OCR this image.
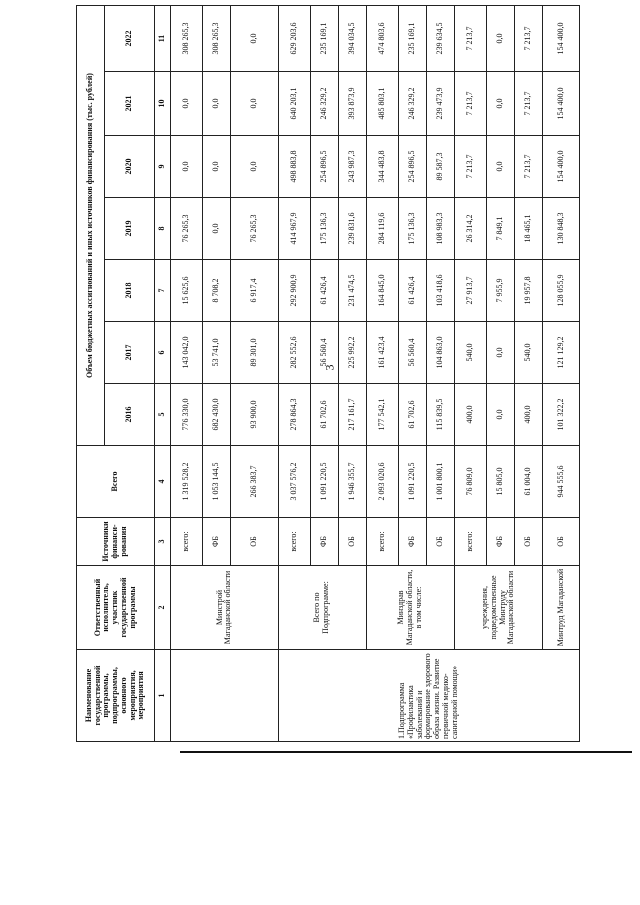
3
Наименование государственной программы, подпрограммы, основного мероприятия, мероприятия	Ответственный исполнитель, участник государственной программы	Источники финанси-рования	Всего	Объем бюджетных ассигнований и иных источников финансирования (тыс. рублей)						
				2016	2017	2018	2019	2020	2021	2022
1	2	3	4	5	6	7	8	9	10	11
	Минстрой Магаданской области	всего:	1 319 528,2	776 330,0	143 042,0	15 625,6	76 265,3	0,0	0,0	308 265,3
		ФБ	1 053 144,5	682 430,0	53 741,0	8 708,2	0,0	0,0	0,0	308 265,3
		ОБ	266 383,7	93 900,0	89 301,0	6 917,4	76 265,3	0,0	0,0	0,0
1.Подпрограмма «Профилактика заболеваний и формирование здорового образа жизни. Развитие первичной медико-санитарной помощи»	Всего по Подпрограмме:	всего:	3 037 576,2	278 864,3	282 552,6	292 900,9	414 967,9	498 883,8	640 203,1	629 203,6
		ФБ	1 091 220,5	61 702,6	56 560,4	61 426,4	175 136,3	254 896,5	246 329,2	235 169,1
		ОБ	1 946 355,7	217 161,7	225 992,2	231 474,5	239 831,6	243 987,3	393 873,9	394 034,5
	Минздрав Магаданской области, в том числе:	всего:	2 093 020,6	177 542,1	161 423,4	164 845,0	284 119,6	344 483,8	485 803,1	474 803,6
		ФБ	1 091 220,5	61 702,6	56 560,4	61 426,4	175 136,3	254 896,5	246 329,2	235 169,1
		ОБ	1 001 800,1	115 839,5	104 863,0	103 418,6	108 983,3	89 587,3	239 473,9	239 634,5
	учреждения, подведомственные Минтруду Магаданской области	всего:	76 809,0	400,0	540,0	27 913,7	26 314,2	7 213,7	7 213,7	7 213,7
		ФБ	15 805,0	0,0	0,0	7 955,9	7 849,1	0,0	0,0	0,0
		ОБ	61 004,0	400,0	540,0	19 957,8	18 465,1	7 213,7	7 213,7	7 213,7
	Минтруд Магаданской	ОБ	944 555,6	101 322,2	121 129,2	128 055,9	130 848,3	154 400,0	154 400,0	154 400,0
